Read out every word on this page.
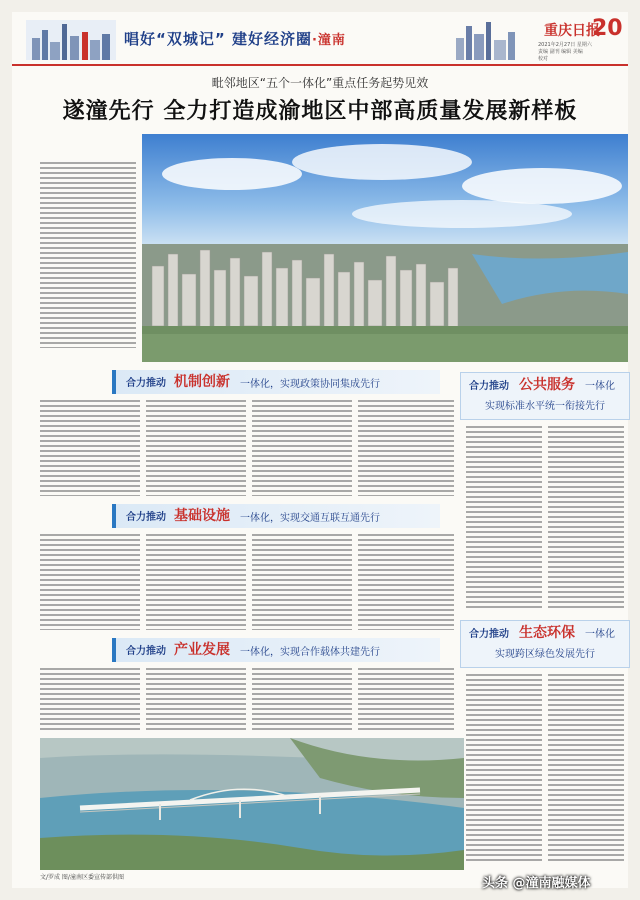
唱好“双城记” 建好经济圈·潼南
重庆日报
20
2021年2月27日 星期六
责编 副刊 编辑 美编
校对
毗邻地区“五个一体化”重点任务起势见效
遂潼先行 全力打造成渝地区中部高质量发展新样板
合力推动 机制创新 一体化，实现政策协同集成先行	合力推动 公共服务 一体化
实现标准水平统一衔接先行
合力推动 基础设施 一体化，实现交通互联互通先行
合力推动 产业发展 一体化，实现合作载体共建先行
合力推动 生态环保 一体化
实现跨区绿色发展先行
文/罗成 图/潼南区委宣传部供图	头条 @潼南融媒体
